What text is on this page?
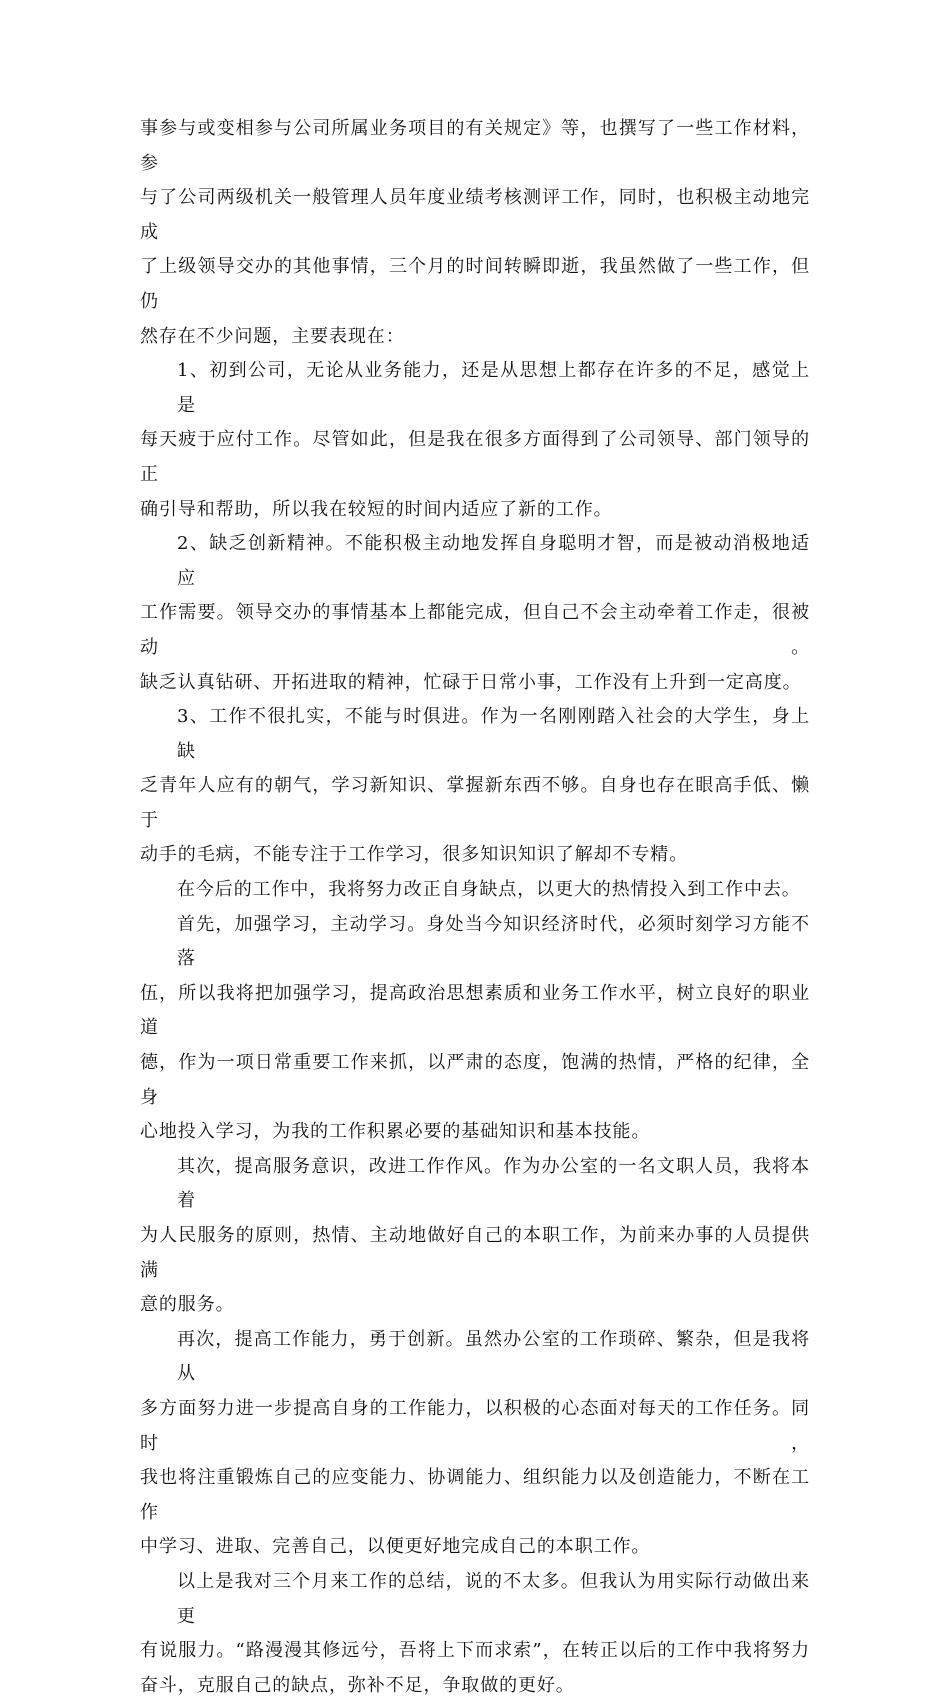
事参与或变相参与公司所属业务项目的有关规定》等，也撰写了一些工作材料，参
与了公司两级机关一般管理人员年度业绩考核测评工作，同时，也积极主动地完成
了上级领导交办的其他事情，三个月的时间转瞬即逝，我虽然做了一些工作，但仍
然存在不少问题，主要表现在：

1、初到公司，无论从业务能力，还是从思想上都存在许多的不足，感觉上是
每天疲于应付工作。尽管如此，但是我在很多方面得到了公司领导、部门领导的正
确引导和帮助，所以我在较短的时间内适应了新的工作。

2、缺乏创新精神。不能积极主动地发挥自身聪明才智，而是被动消极地适应
工作需要。领导交办的事情基本上都能完成，但自己不会主动牵着工作走，很被动。
缺乏认真钻研、开拓进取的精神，忙碌于日常小事，工作没有上升到一定高度。

3、工作不很扎实，不能与时俱进。作为一名刚刚踏入社会的大学生，身上缺
乏青年人应有的朝气，学习新知识、掌握新东西不够。自身也存在眼高手低、懒于
动手的毛病，不能专注于工作学习，很多知识知识了解却不专精。

在今后的工作中，我将努力改正自身缺点，以更大的热情投入到工作中去。

首先，加强学习，主动学习。身处当今知识经济时代，必须时刻学习方能不落
伍，所以我将把加强学习，提高政治思想素质和业务工作水平，树立良好的职业道
德，作为一项日常重要工作来抓，以严肃的态度，饱满的热情，严格的纪律，全身
心地投入学习，为我的工作积累必要的基础知识和基本技能。

其次，提高服务意识，改进工作作风。作为办公室的一名文职人员，我将本着
为人民服务的原则，热情、主动地做好自己的本职工作，为前来办事的人员提供满
意的服务。

再次，提高工作能力，勇于创新。虽然办公室的工作琐碎、繁杂，但是我将从
多方面努力进一步提高自身的工作能力，以积极的心态面对每天的工作任务。同时，
我也将注重锻炼自己的应变能力、协调能力、组织能力以及创造能力，不断在工作
中学习、进取、完善自己，以便更好地完成自己的本职工作。

以上是我对三个月来工作的总结，说的不太多。但我认为用实际行动做出来更
有说服力。“路漫漫其修远兮，吾将上下而求索”，在转正以后的工作中我将努力
奋斗，克服自己的缺点，弥补不足，争取做的更好。
